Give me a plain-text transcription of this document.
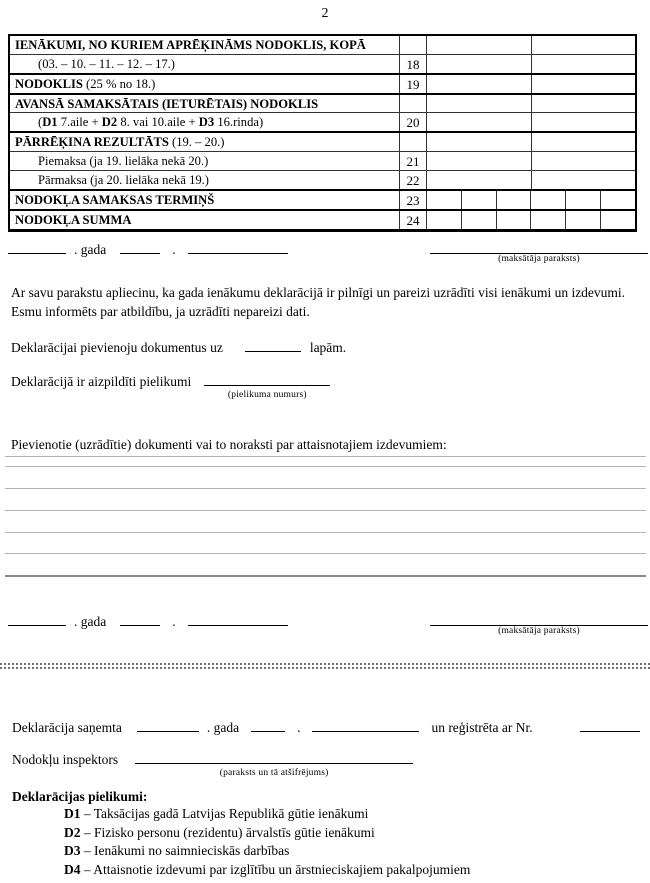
2
IENĀKUMI, NO KURIEM APRĒĶINĀMS NODOKLIS, KOPĀ
(03. – 10. – 11. – 12. – 17.)	18
NODOKLIS (25 % no 18.)	19
AVANSĀ SAMAKSĀTAIS (IETURĒTAIS) NODOKLIS
(D1 7.aile + D2 8. vai 10.aile + D3 16.rinda)	20
PĀRRĒĶINA REZULTĀTS (19. – 20.)
Piemaksa (ja 19. lielāka nekā 20.)	21
Pārmaksa (ja 20. lielāka nekā 19.)	22
NODOKĻA SAMAKSAS TERMIŅŠ	23
NODOKĻA SUMMA	24
. gada	.
(maksātāja paraksts)
Ar savu parakstu apliecinu, ka gada ienākumu deklarācijā ir pilnīgi un pareizi uzrādīti visi ienākumi un izdevumi. Esmu informēts par atbildību, ja uzrādīti nepareizi dati.
Deklarācijai pievienoju dokumentus uz	lapām.
Deklarācijā ir aizpildīti pielikumi
(pielikuma numurs)
Pievienotie (uzrādītie) dokumenti vai to noraksti par attaisnotajiem izdevumiem:
. gada	.
(maksātāja paraksts)
Deklarācija saņemta	. gada	.	un reģistrēta ar Nr.
Nodokļu inspektors
(paraksts un tā atšifrējums)
Deklarācijas pielikumi:
D1 – Taksācijas gadā Latvijas Republikā gūtie ienākumi
D2 – Fizisko personu (rezidentu) ārvalstīs gūtie ienākumi
D3 – Ienākumi no saimnieciskās darbības
D4 – Attaisnotie izdevumi par izglītību un ārstnieciskajiem pakalpojumiem
